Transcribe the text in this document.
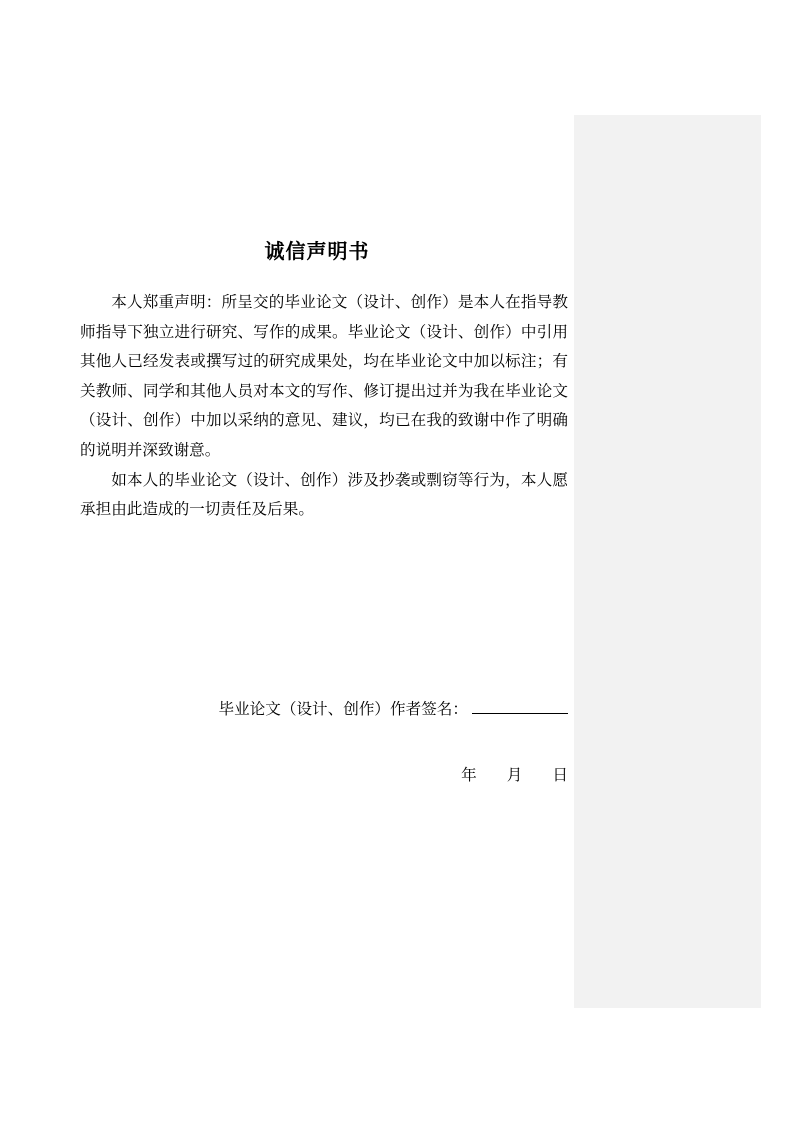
诚信声明书

本人郑重声明：所呈交的毕业论文（设计、创作）是本人在指导教师指导下独立进行研究、写作的成果。毕业论文（设计、创作）中引用其他人已经发表或撰写过的研究成果处，均在毕业论文中加以标注；有关教师、同学和其他人员对本文的写作、修订提出过并为我在毕业论文（设计、创作）中加以采纳的意见、建议，均已在我的致谢中作了明确的说明并深致谢意。

如本人的毕业论文（设计、创作）涉及抄袭或剽窃等行为，本人愿承担由此造成的一切责任及后果。

毕业论文（设计、创作）作者签名：
年 月 日
